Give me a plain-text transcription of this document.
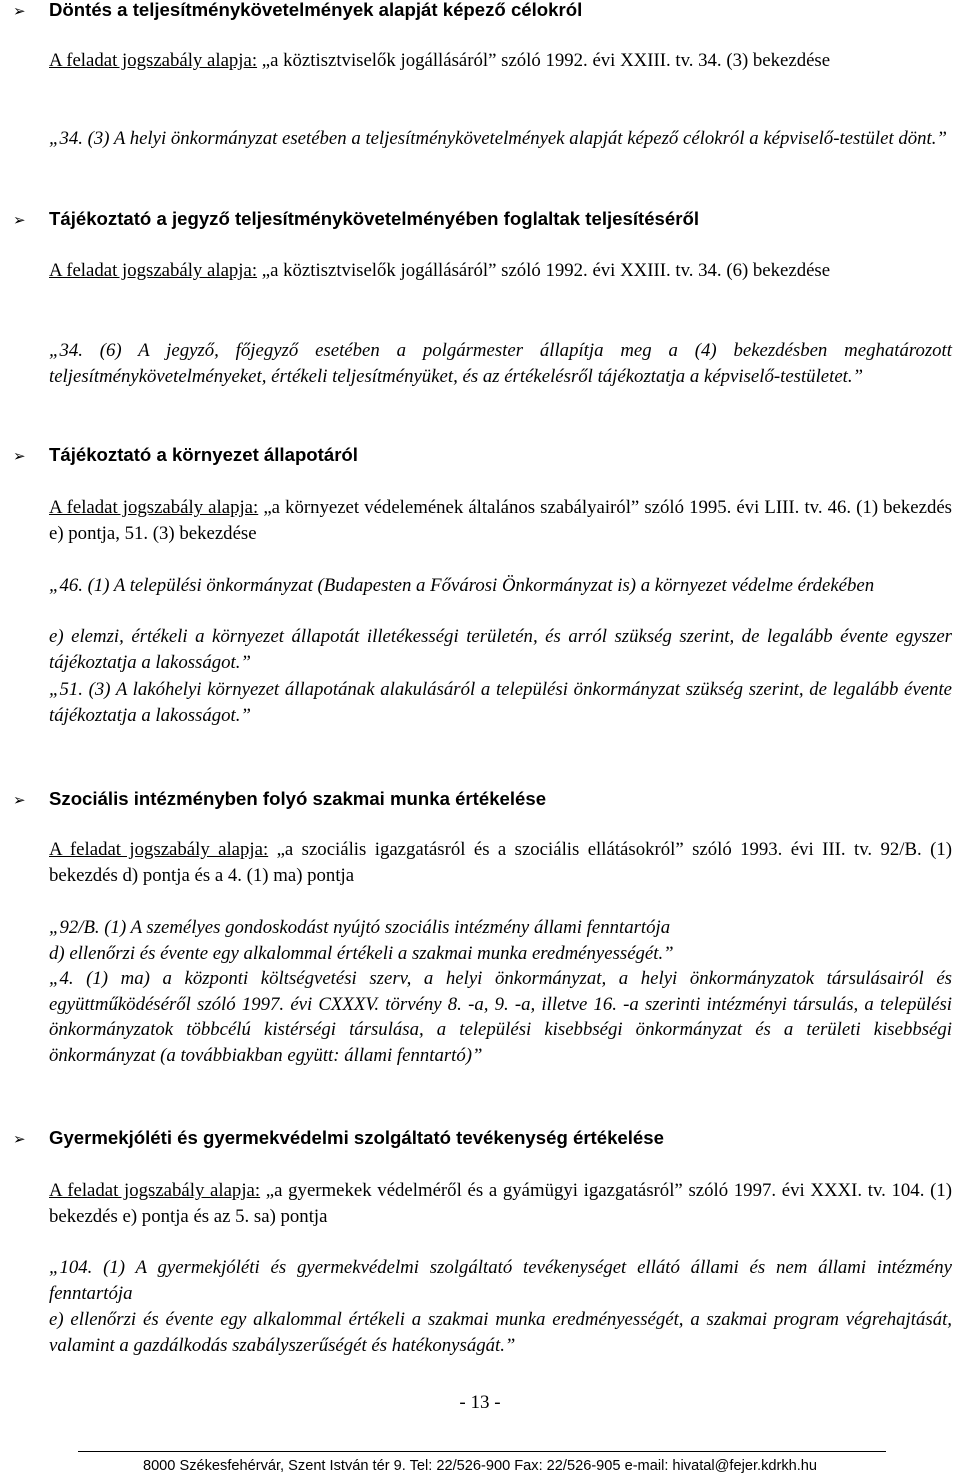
➢ Döntés a teljesítménykövetelmények alapját képező célokról
A feladat jogszabály alapja: „a köztisztviselők jogállásáról” szóló 1992. évi XXIII. tv. 34. (3) bekezdése
„34. (3) A helyi önkormányzat esetében a teljesítménykövetelmények alapját képező célokról a képviselő-testület dönt.”
➢ Tájékoztató a jegyző teljesítménykövetelményében foglaltak teljesítéséről
A feladat jogszabály alapja: „a köztisztviselők jogállásáról” szóló 1992. évi XXIII. tv. 34. (6) bekezdése
„34. (6) A jegyző, főjegyző esetében a polgármester állapítja meg a (4) bekezdésben meghatározott teljesítménykövetelményeket, értékeli teljesítményüket, és az értékelésről tájékoztatja a képviselő-testületet.”
➢ Tájékoztató a környezet állapotáról
A feladat jogszabály alapja: „a környezet védelemének általános szabályairól” szóló 1995. évi LIII. tv. 46. (1) bekezdés e) pontja, 51. (3) bekezdése
„46. (1) A települési önkormányzat (Budapesten a Fővárosi Önkormányzat is) a környezet védelme érdekében
e) elemzi, értékeli a környezet állapotát illetékességi területén, és arról szükség szerint, de legalább évente egyszer tájékoztatja a lakosságot.”
„51. (3) A lakóhelyi környezet állapotának alakulásáról a települési önkormányzat szükség szerint, de legalább évente tájékoztatja a lakosságot.”
➢ Szociális intézményben folyó szakmai munka értékelése
A feladat jogszabály alapja: „a szociális igazgatásról és a szociális ellátásokról” szóló 1993. évi III. tv. 92/B. (1) bekezdés d) pontja és a 4. (1) ma) pontja
„92/B. (1) A személyes gondoskodást nyújtó szociális intézmény állami fenntartója
d) ellenőrzi és évente egy alkalommal értékeli a szakmai munka eredményességét.”
„4. (1) ma) a központi költségvetési szerv, a helyi önkormányzat, a helyi önkormányzatok társulásairól és együttműködéséről szóló 1997. évi CXXXV. törvény 8. -a, 9. -a, illetve 16. -a szerinti intézményi társulás, a települési önkormányzatok többcélú kistérségi társulása, a települési kisebbségi önkormányzat és a területi kisebbségi önkormányzat (a továbbiakban együtt: állami fenntartó)”
➢ Gyermekjóléti és gyermekvédelmi szolgáltató tevékenység értékelése
A feladat jogszabály alapja: „a gyermekek védelméről és a gyámügyi igazgatásról” szóló 1997. évi XXXI. tv. 104. (1) bekezdés e) pontja és az 5. sa) pontja
„104. (1) A gyermekjóléti és gyermekvédelmi szolgáltató tevékenységet ellátó állami és nem állami intézmény fenntartója
e) ellenőrzi és évente egy alkalommal értékeli a szakmai munka eredményességét, a szakmai program végrehajtását, valamint a gazdálkodás szabályszerűségét és hatékonyságát.”
- 13 -
8000 Székesfehérvár, Szent István tér 9. Tel: 22/526-900 Fax: 22/526-905 e-mail: hivatal@fejer.kdrkh.hu
